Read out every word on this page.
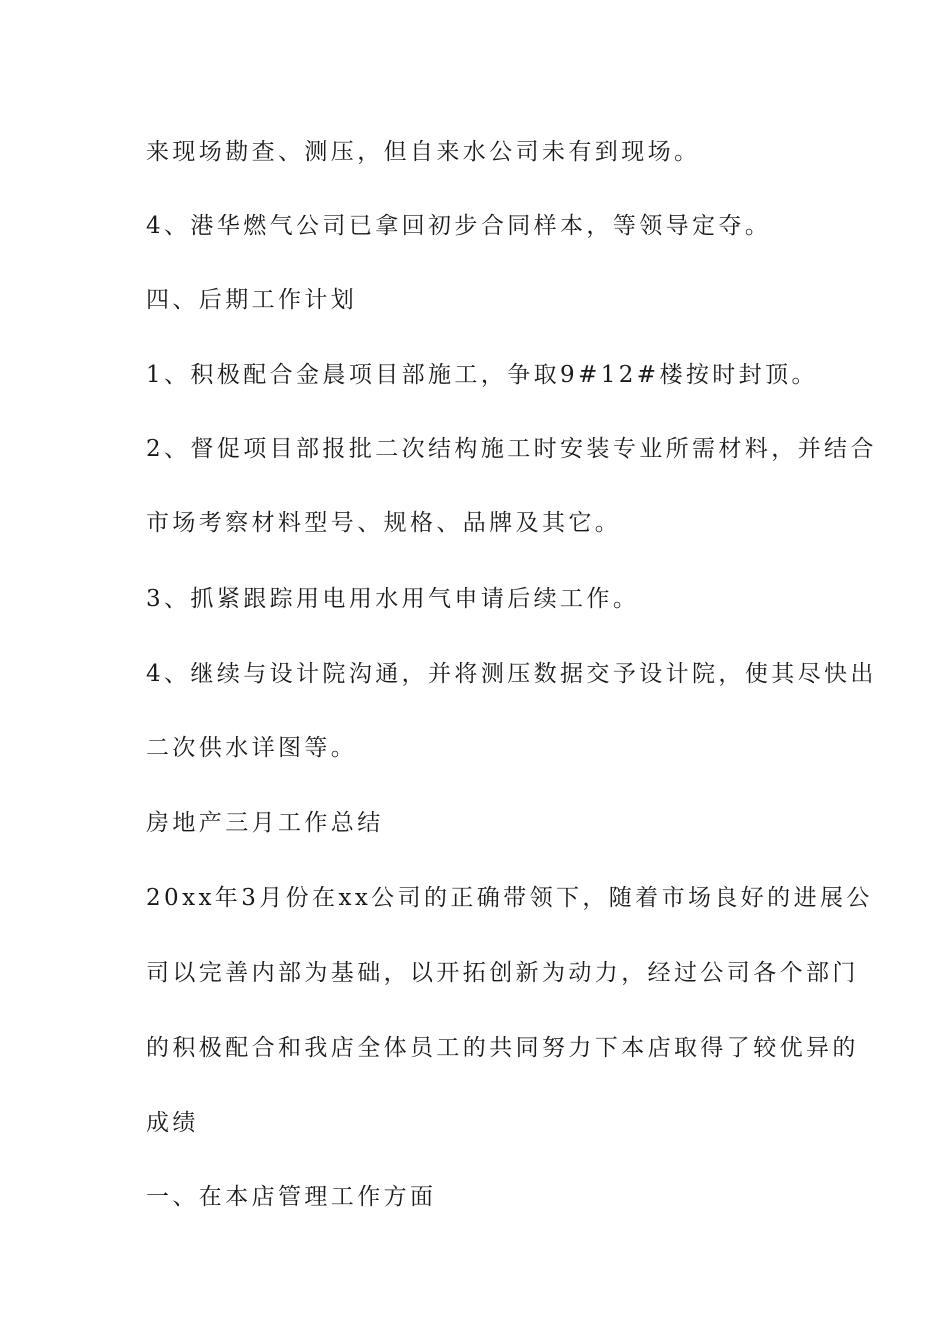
来现场勘查、测压，但自来水公司未有到现场。
4、港华燃气公司已拿回初步合同样本，等领导定夺。
四、后期工作计划
1、积极配合金晨项目部施工，争取9#12#楼按时封顶。
2、督促项目部报批二次结构施工时安装专业所需材料，并结合
市场考察材料型号、规格、品牌及其它。
3、抓紧跟踪用电用水用气申请后续工作。
4、继续与设计院沟通，并将测压数据交予设计院，使其尽快出
二次供水详图等。
房地产三月工作总结
20xx年3月份在xx公司的正确带领下，随着市场良好的进展公
司以完善内部为基础，以开拓创新为动力，经过公司各个部门
的积极配合和我店全体员工的共同努力下本店取得了较优异的
成绩
一、在本店管理工作方面
